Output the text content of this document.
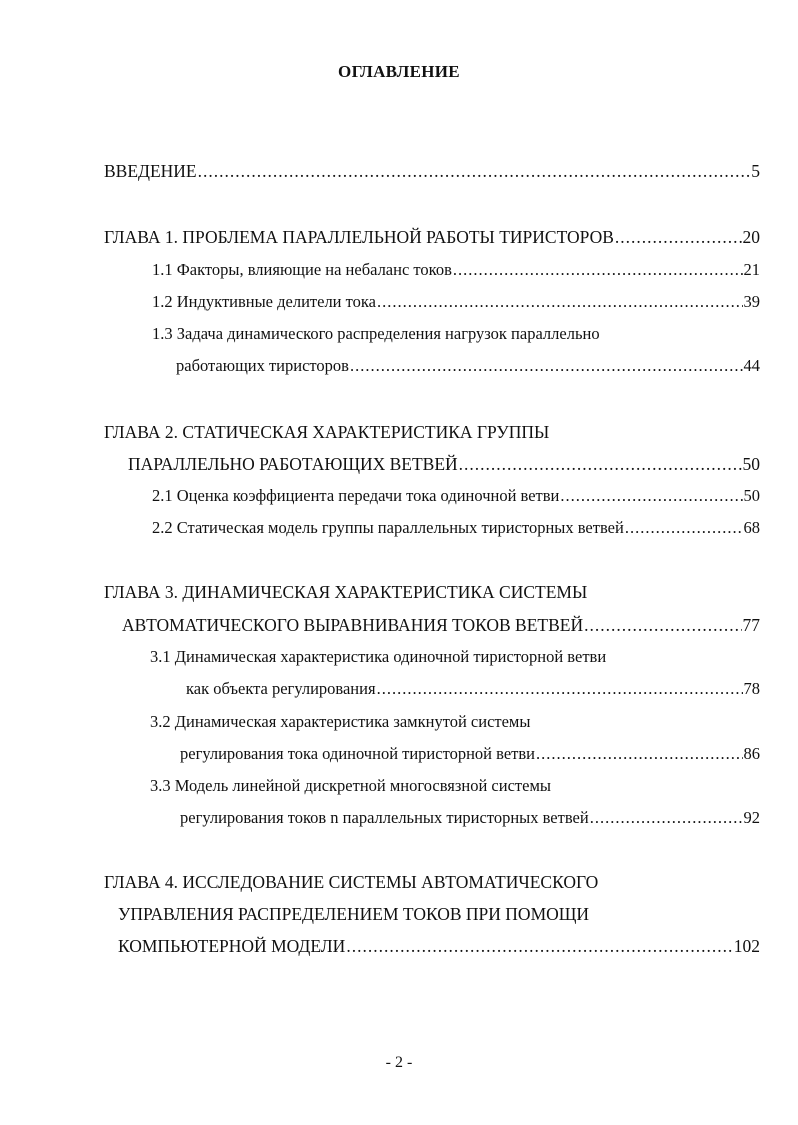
ОГЛАВЛЕНИЕ
ВВЕДЕНИЕ .....	5
ГЛАВА 1. ПРОБЛЕМА ПАРАЛЛЕЛЬНОЙ РАБОТЫ ТИРИСТОРОВ .....	20
1.1 Факторы, влияющие на небаланс токов .....	21
1.2 Индуктивные делители тока .....	39
1.3 Задача динамического распределения нагрузок параллельно
работающих тиристоров .....	44
ГЛАВА 2. СТАТИЧЕСКАЯ ХАРАКТЕРИСТИКА ГРУППЫ
ПАРАЛЛЕЛЬНО РАБОТАЮЩИХ ВЕТВЕЙ .....	50
2.1 Оценка коэффициента передачи тока одиночной ветви .....	50
2.2 Статическая модель группы параллельных тиристорных ветвей .....	68
ГЛАВА 3. ДИНАМИЧЕСКАЯ ХАРАКТЕРИСТИКА СИСТЕМЫ
АВТОМАТИЧЕСКОГО ВЫРАВНИВАНИЯ ТОКОВ ВЕТВЕЙ .....	77
3.1 Динамическая характеристика одиночной тиристорной ветви
как объекта регулирования .....	78
3.2 Динамическая характеристика замкнутой системы
регулирования тока одиночной тиристорной ветви .....	86
3.3 Модель линейной дискретной многосвязной системы
регулирования токов n параллельных тиристорных ветвей .....	92
ГЛАВА 4. ИССЛЕДОВАНИЕ СИСТЕМЫ АВТОМАТИЧЕСКОГО
УПРАВЛЕНИЯ РАСПРЕДЕЛЕНИЕМ ТОКОВ ПРИ ПОМОЩИ
КОМПЬЮТЕРНОЙ МОДЕЛИ .....	102
- 2 -
